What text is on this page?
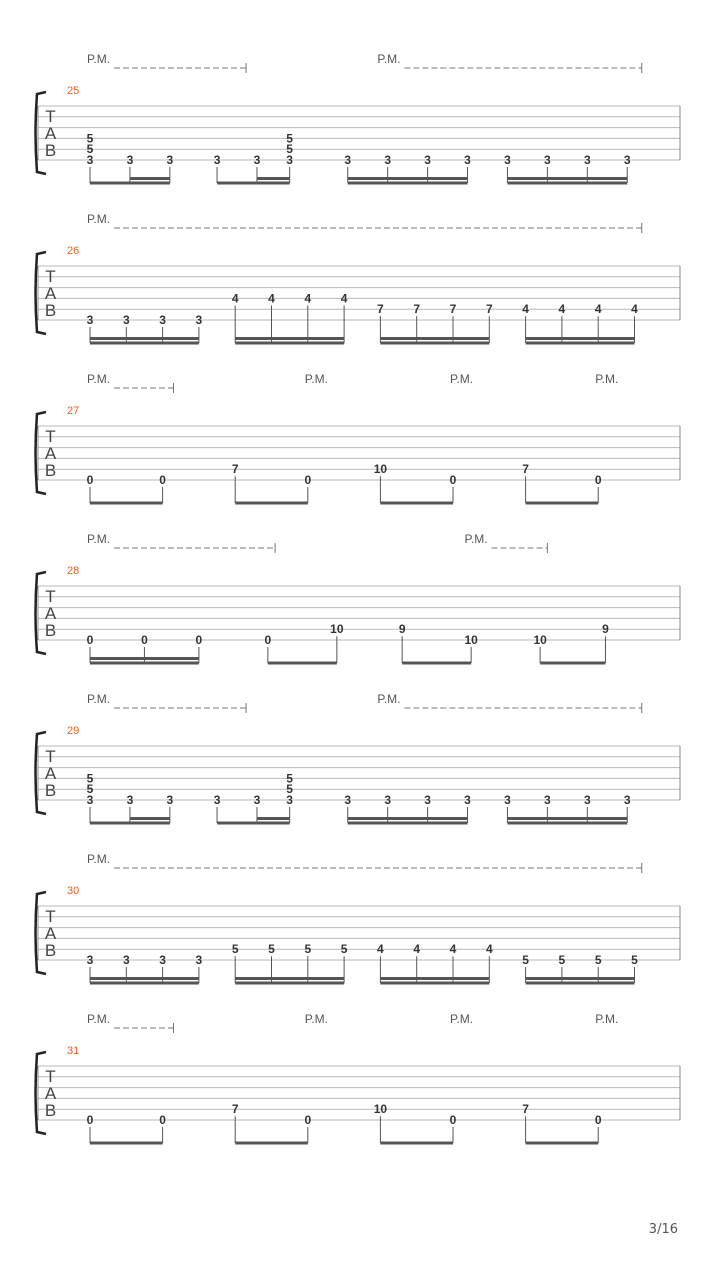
T
A
B
25
P.M.	P.M.
3
5
5
3	3	3	3 3
5
5
3	3	3	3	3	3	3	3
T
A
B
26
P.M.
3 3 3 3
4 4 4 4
7 7 7 7 4 4 4 4
T
A
B
27
P.M.	P.M.	P.M.	P.M.
0	0
7
0
10
0
7
0
T
A
B
28
P.M.	P.M.
0	0	0	0
10	9
10	10
9
T
A
B
29
P.M.	P.M.
3
5
5
3	3	3	3 3
5
5
3	3	3	3	3	3	3	3
T
A
B
30
P.M.
3 3 3 3
5 5 5 5 4 4 4 4
5 5 5 5
T
A
B
31
P.M.	P.M.	P.M.	P.M.
0	0
7
0
10
0
7
0
3/16
